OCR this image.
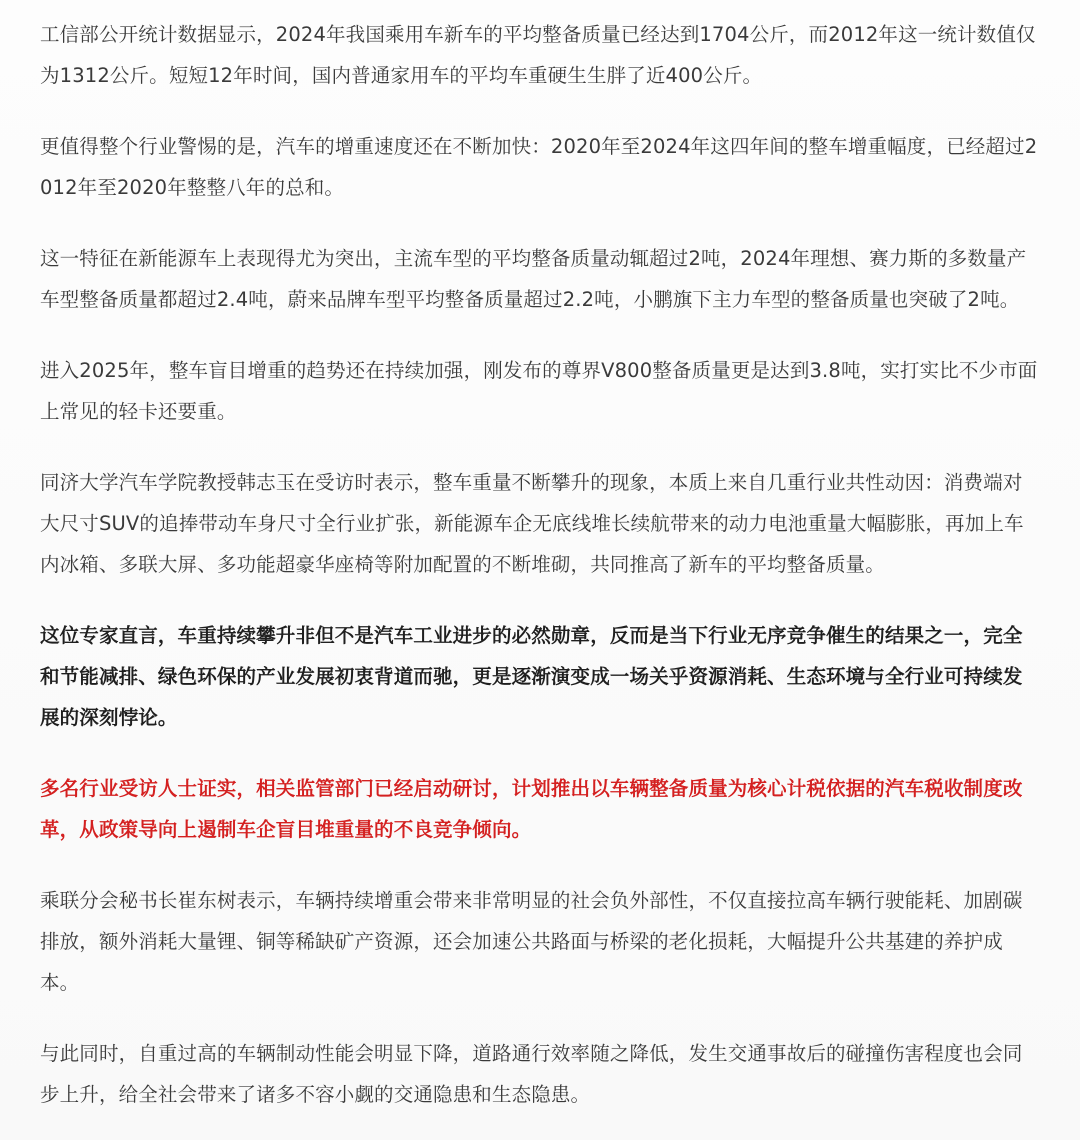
工信部公开统计数据显示，2024年我国乘用车新车的平均整备质量已经达到1704公斤，而2012年这一统计数值仅为1312公斤。短短12年时间，国内普通家用车的平均车重硬生生胖了近400公斤。

更值得整个行业警惕的是，汽车的增重速度还在不断加快：2020年至2024年这四年间的整车增重幅度，已经超过2012年至2020年整整八年的总和。

这一特征在新能源车上表现得尤为突出，主流车型的平均整备质量动辄超过2吨，2024年理想、赛力斯的多数量产车型整备质量都超过2.4吨，蔚来品牌车型平均整备质量超过2.2吨，小鹏旗下主力车型的整备质量也突破了2吨。

进入2025年，整车盲目增重的趋势还在持续加强，刚发布的尊界V800整备质量更是达到3.8吨，实打实比不少市面上常见的轻卡还要重。

同济大学汽车学院教授韩志玉在受访时表示，整车重量不断攀升的现象，本质上来自几重行业共性动因：消费端对大尺寸SUV的追捧带动车身尺寸全行业扩张，新能源车企无底线堆长续航带来的动力电池重量大幅膨胀，再加上车内冰箱、多联大屏、多功能超豪华座椅等附加配置的不断堆砌，共同推高了新车的平均整备质量。

这位专家直言，车重持续攀升非但不是汽车工业进步的必然勋章，反而是当下行业无序竞争催生的结果之一，完全和节能减排、绿色环保的产业发展初衷背道而驰，更是逐渐演变成一场关乎资源消耗、生态环境与全行业可持续发展的深刻悖论。

多名行业受访人士证实，相关监管部门已经启动研讨，计划推出以车辆整备质量为核心计税依据的汽车税收制度改革，从政策导向上遏制车企盲目堆重量的不良竞争倾向。

乘联分会秘书长崔东树表示，车辆持续增重会带来非常明显的社会负外部性，不仅直接拉高车辆行驶能耗、加剧碳排放，额外消耗大量锂、铜等稀缺矿产资源，还会加速公共路面与桥梁的老化损耗，大幅提升公共基建的养护成本。

与此同时，自重过高的车辆制动性能会明显下降，道路通行效率随之降低，发生交通事故后的碰撞伤害程度也会同步上升，给全社会带来了诸多不容小觑的交通隐患和生态隐患。
